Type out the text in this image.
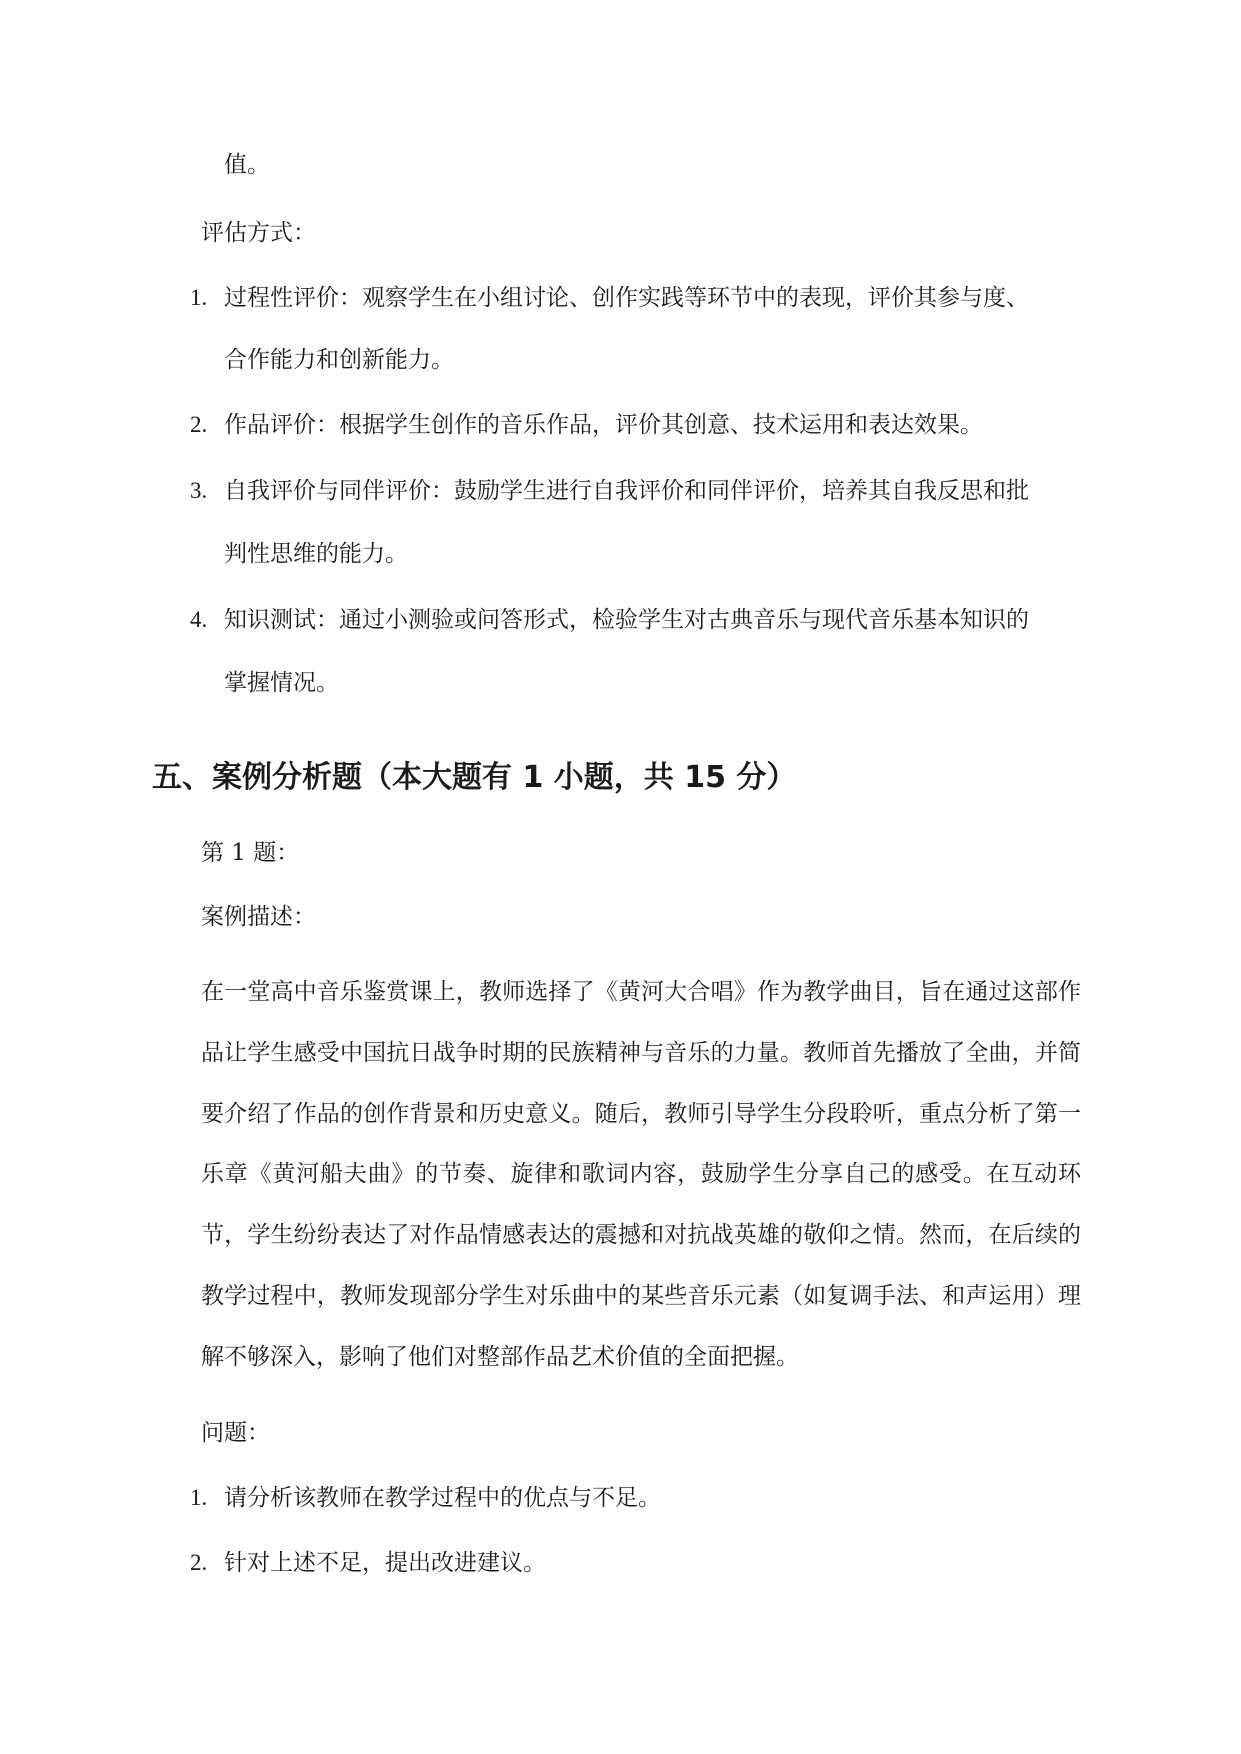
值。
评估方式：
1. 过程性评价：观察学生在小组讨论、创作实践等环节中的表现，评价其参与度、
合作能力和创新能力。
2. 作品评价：根据学生创作的音乐作品，评价其创意、技术运用和表达效果。
3. 自我评价与同伴评价：鼓励学生进行自我评价和同伴评价，培养其自我反思和批
判性思维的能力。
4. 知识测试：通过小测验或问答形式，检验学生对古典音乐与现代音乐基本知识的
掌握情况。
五、案例分析题（本大题有 1 小题，共 15 分）
第 1 题：
案例描述：
在一堂高中音乐鉴赏课上，教师选择了《黄河大合唱》作为教学曲目，旨在通过这部作品让学生感受中国抗日战争时期的民族精神与音乐的力量。教师首先播放了全曲，并简要介绍了作品的创作背景和历史意义。随后，教师引导学生分段聆听，重点分析了第一乐章《黄河船夫曲》的节奏、旋律和歌词内容，鼓励学生分享自己的感受。在互动环节，学生纷纷表达了对作品情感表达的震撼和对抗战英雄的敬仰之情。然而，在后续的教学过程中，教师发现部分学生对乐曲中的某些音乐元素（如复调手法、和声运用）理解不够深入，影响了他们对整部作品艺术价值的全面把握。
问题：
1. 请分析该教师在教学过程中的优点与不足。
2. 针对上述不足，提出改进建议。
